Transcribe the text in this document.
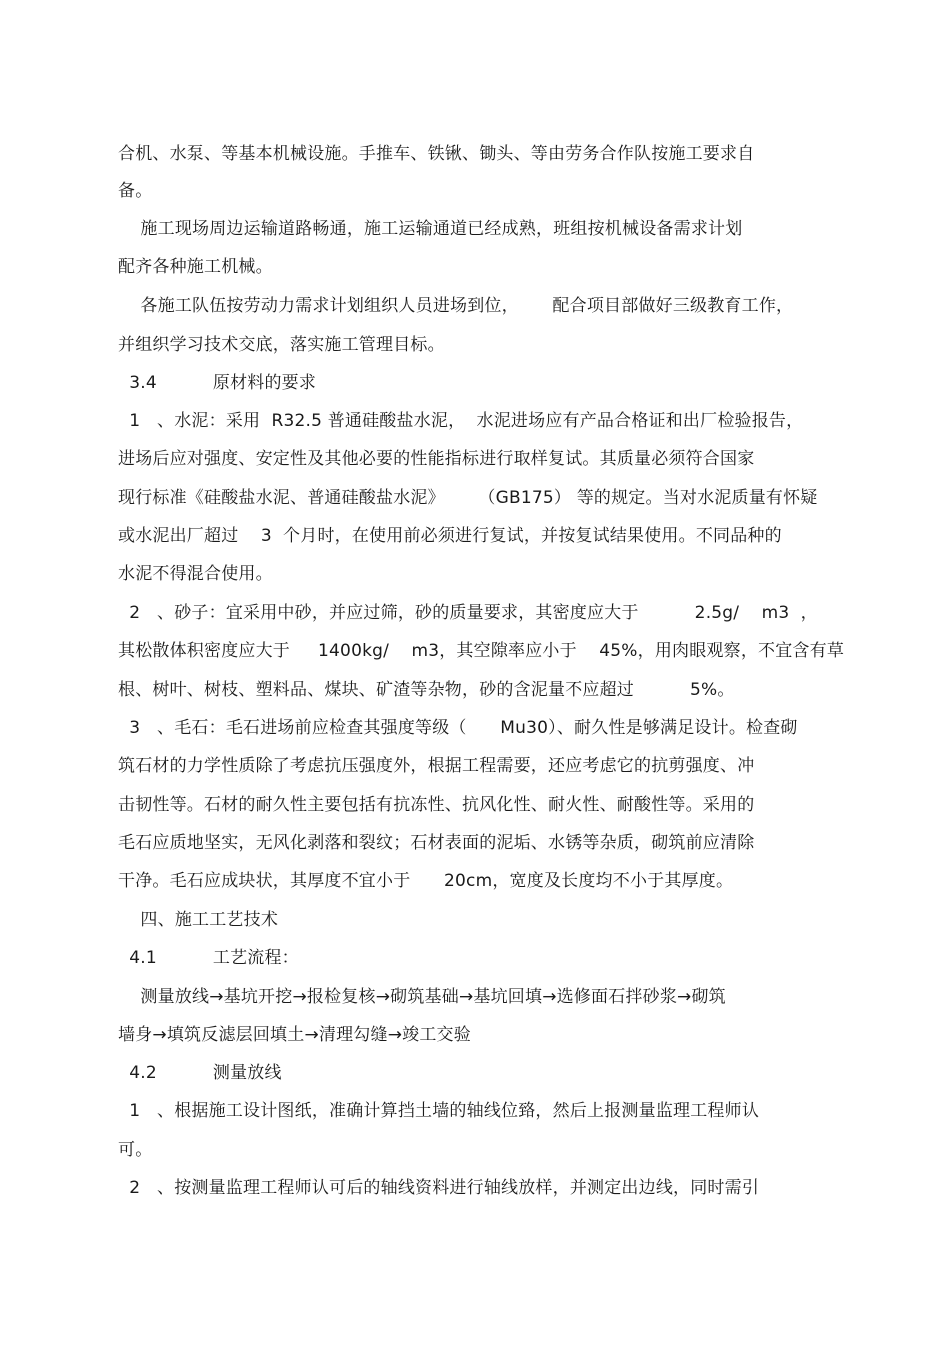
合机、水泵、等基本机械设施。手推车、铁锹、锄头、等由劳务合作队按施工要求自
备。
施工现场周边运输道路畅通，施工运输通道已经成熟，班组按机械设备需求计划
配齐各种施工机械。
各施工队伍按劳动力需求计划组织人员进场到位，      配合项目部做好三级教育工作，
并组织学习技术交底，落实施工管理目标。
3.4          原材料的要求
1   、水泥：采用  R32.5 普通硅酸盐水泥，  水泥进场应有产品合格证和出厂检验报告，
进场后应对强度、安定性及其他必要的性能指标进行取样复试。其质量必须符合国家
现行标准《硅酸盐水泥、普通硅酸盐水泥》      （GB175） 等的规定。当对水泥质量有怀疑
或水泥出厂超过    3  个月时，在使用前必须进行复试，并按复试结果使用。不同品种的
水泥不得混合使用。
2   、砂子：宜采用中砂，并应过筛，砂的质量要求，其密度应大于          2.5g/    m3  ，
其松散体积密度应大于     1400kg/    m3，其空隙率应小于    45%，用肉眼观察，不宜含有草
根、树叶、树枝、塑料品、煤块、矿渣等杂物，砂的含泥量不应超过          5%。
3   、毛石：毛石进场前应检查其强度等级（      Mu30）、耐久性是够满足设计。检查砌
筑石材的力学性质除了考虑抗压强度外，根据工程需要，还应考虑它的抗剪强度、冲
击韧性等。石材的耐久性主要包括有抗冻性、抗风化性、耐火性、耐酸性等。采用的
毛石应质地坚实，无风化剥落和裂纹；石材表面的泥垢、水锈等杂质，砌筑前应清除
干净。毛石应成块状，其厚度不宜小于      20cm，宽度及长度均不小于其厚度。
四、施工工艺技术
4.1          工艺流程：
测量放线→基坑开挖→报检复核→砌筑基础→基坑回填→选修面石拌砂浆→砌筑
墙身→填筑反滤层回填土→清理勾缝→竣工交验
4.2          测量放线
1   、根据施工设计图纸，准确计算挡土墙的轴线位臵，然后上报测量监理工程师认
可。
2   、按测量监理工程师认可后的轴线资料进行轴线放样，并测定出边线，同时需引
